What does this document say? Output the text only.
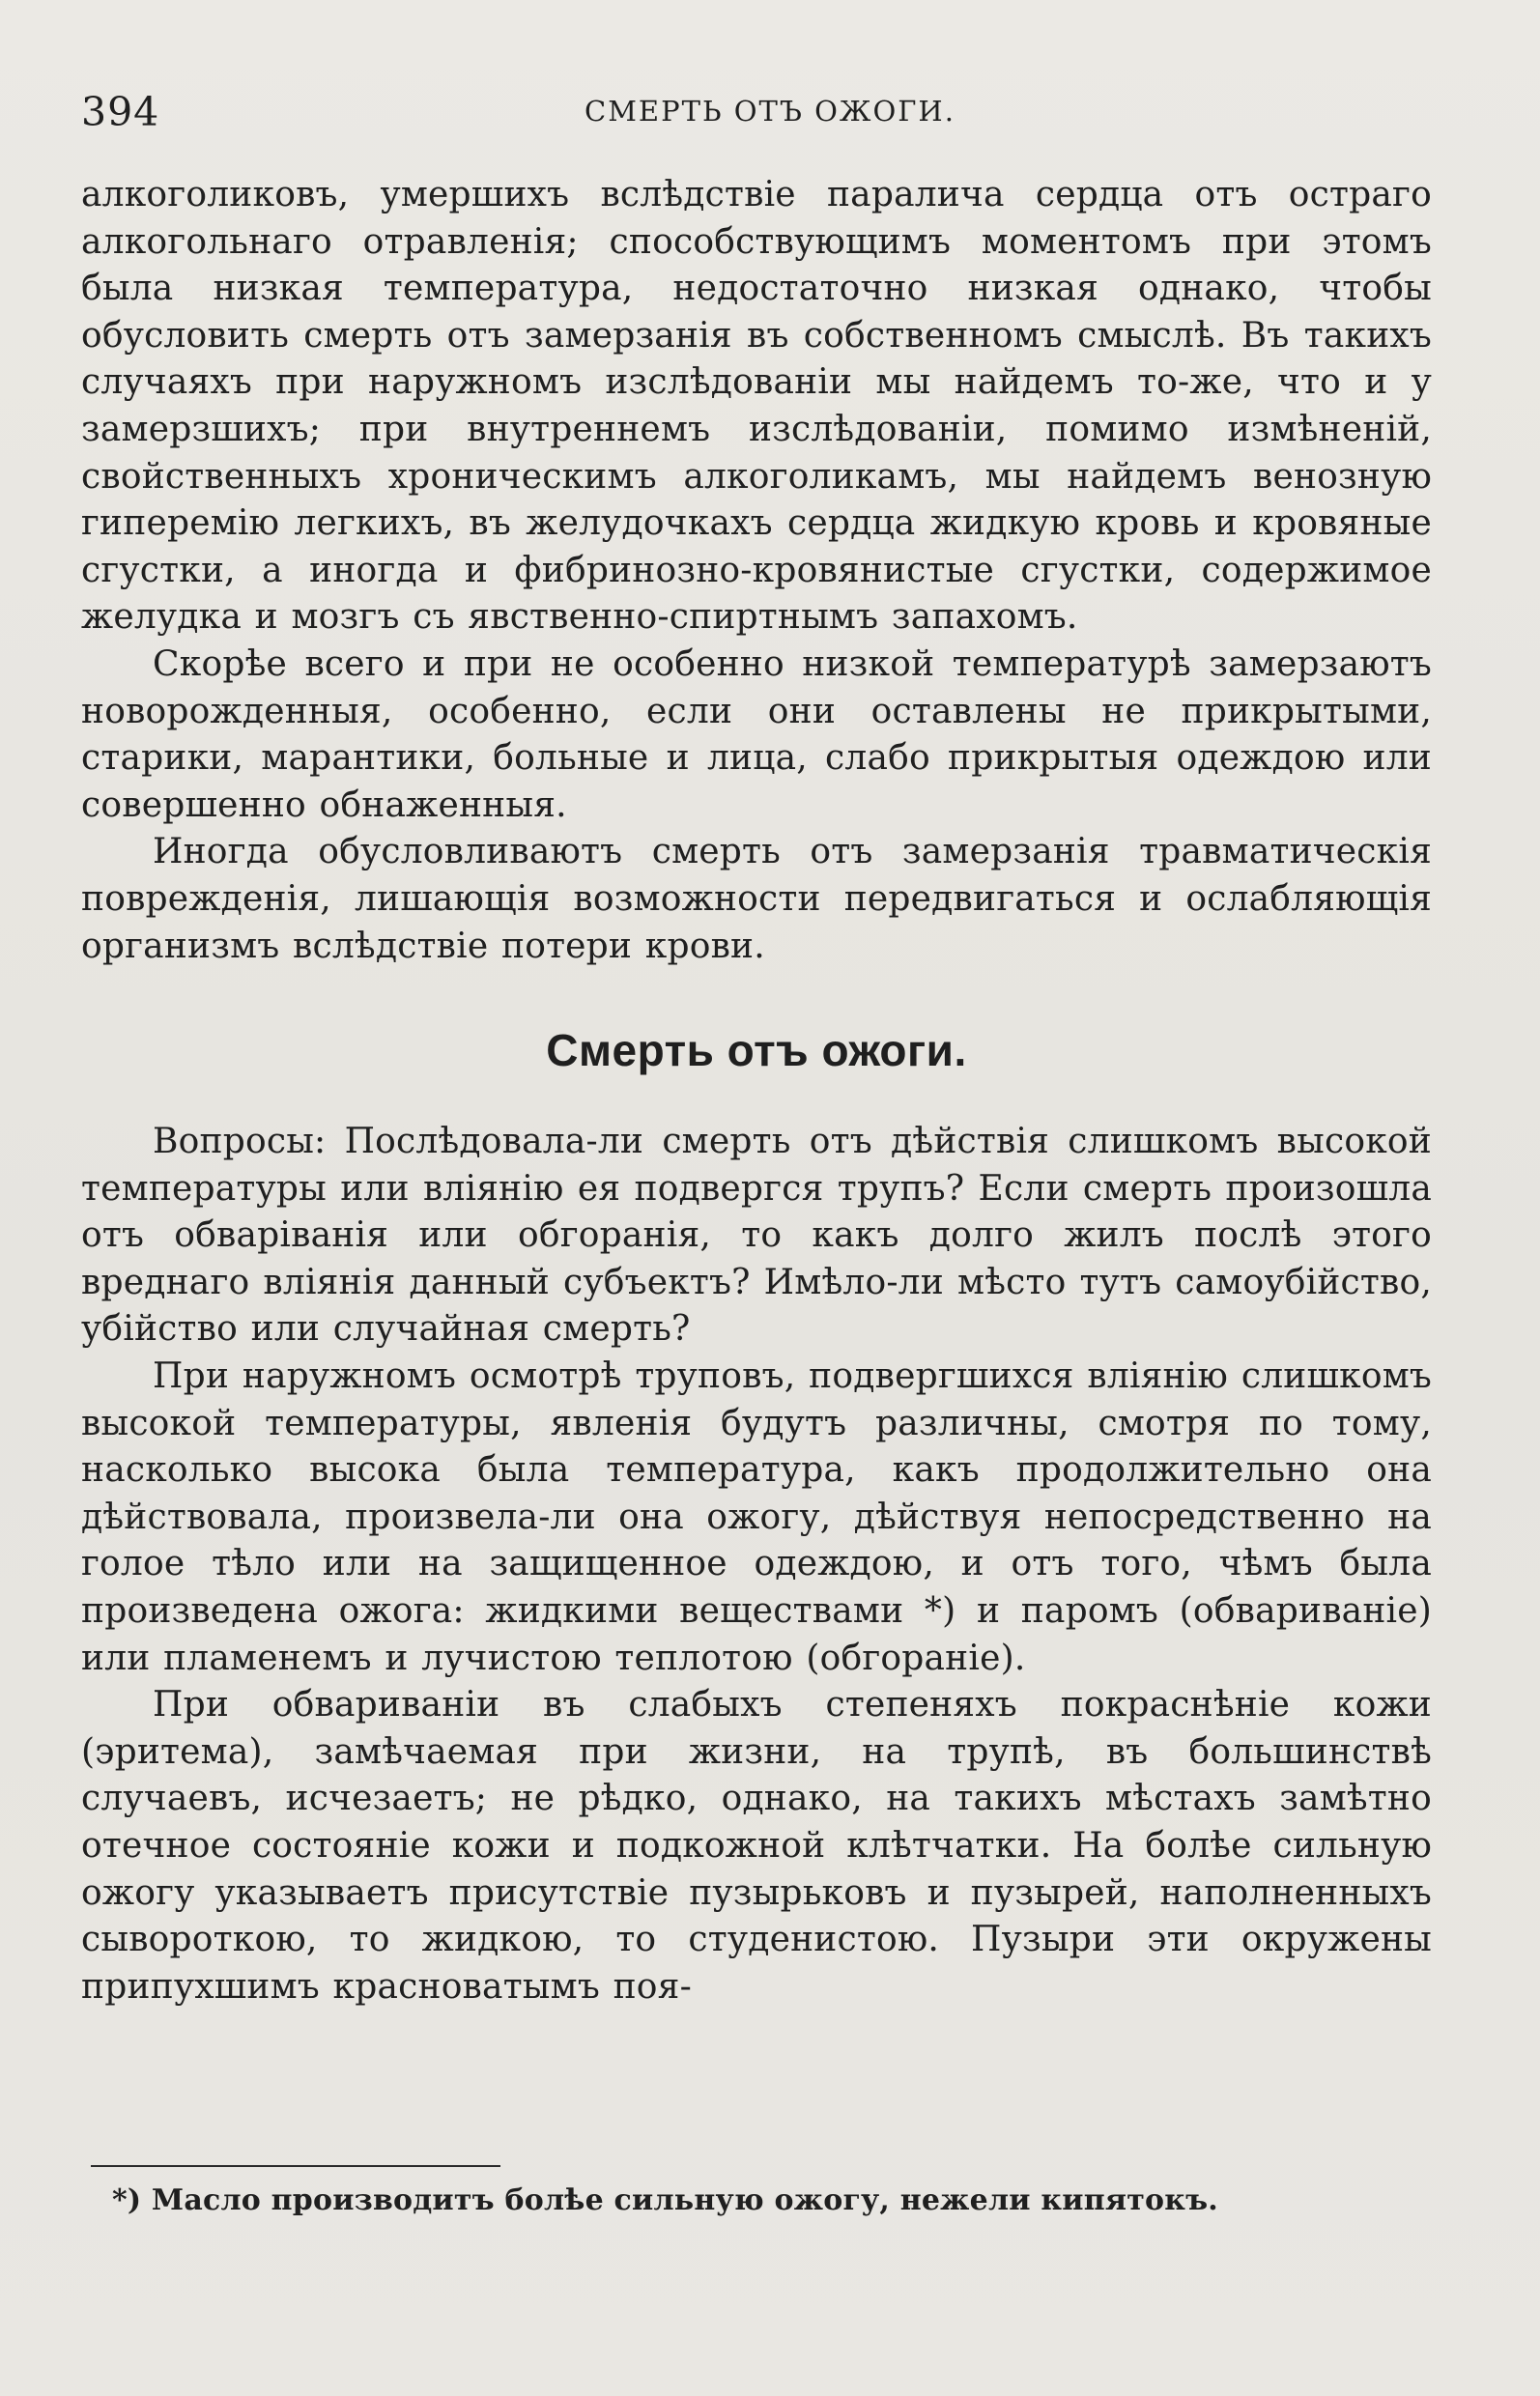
394	СМЕРТЬ ОТЪ ОЖОГИ.

алкоголиковъ, умершихъ вслѣдствіе паралича сердца отъ остраго алкогольнаго отравленія; способствующимъ моментомъ при этомъ была низкая температура, недостаточно низкая однако, чтобы обусловить смерть отъ замерзанія въ собственномъ смыслѣ. Въ такихъ случаяхъ при наружномъ изслѣдованіи мы найдемъ то-же, что и у замерзшихъ; при внутреннемъ изслѣдованіи, помимо измѣненій, свойственныхъ хроническимъ алкоголикамъ, мы найдемъ венозную гиперемію легкихъ, въ желудочкахъ сердца жидкую кровь и кровяные сгустки, а иногда и фибринозно-кровянистые сгустки, содержимое желудка и мозгъ съ явственно-спиртнымъ запахомъ.

Скорѣе всего и при не особенно низкой температурѣ замерзаютъ новорожденныя, особенно, если они оставлены не прикрытыми, старики, марантики, больные и лица, слабо прикрытыя одеждою или совершенно обнаженныя.

Иногда обусловливаютъ смерть отъ замерзанія травматическія поврежденія, лишающія возможности передвигаться и ослабляющія организмъ вслѣдствіе потери крови.

Смерть отъ ожоги.

Вопросы: Послѣдовала-ли смерть отъ дѣйствія слишкомъ высокой температуры или вліянію ея подвергся трупъ? Если смерть произошла отъ обваріванія или обгоранія, то какъ долго жилъ послѣ этого вреднаго вліянія данный субъектъ? Имѣло-ли мѣсто тутъ самоубійство, убійство или случайная смерть?

При наружномъ осмотрѣ труповъ, подвергшихся вліянію слишкомъ высокой температуры, явленія будутъ различны, смотря по тому, насколько высока была температура, какъ продолжительно она дѣйствовала, произвела-ли она ожогу, дѣйствуя непосредственно на голое тѣло или на защищенное одеждою, и отъ того, чѣмъ была произведена ожога: жидкими веществами *) и паромъ (обвариваніе) или пламенемъ и лучистою теплотою (обгораніе).

При обвариваніи въ слабыхъ степеняхъ покраснѣніе кожи (эритема), замѣчаемая при жизни, на трупѣ, въ большинствѣ случаевъ, исчезаетъ; не рѣдко, однако, на такихъ мѣстахъ замѣтно отечное состояніе кожи и подкожной клѣтчатки. На болѣе сильную ожогу указываетъ присутствіе пузырьковъ и пузырей, наполненныхъ сывороткою, то жидкою, то студенистою. Пузыри эти окружены припухшимъ красноватымъ поя-

*) Масло производитъ болѣе сильную ожогу, нежели кипятокъ.
